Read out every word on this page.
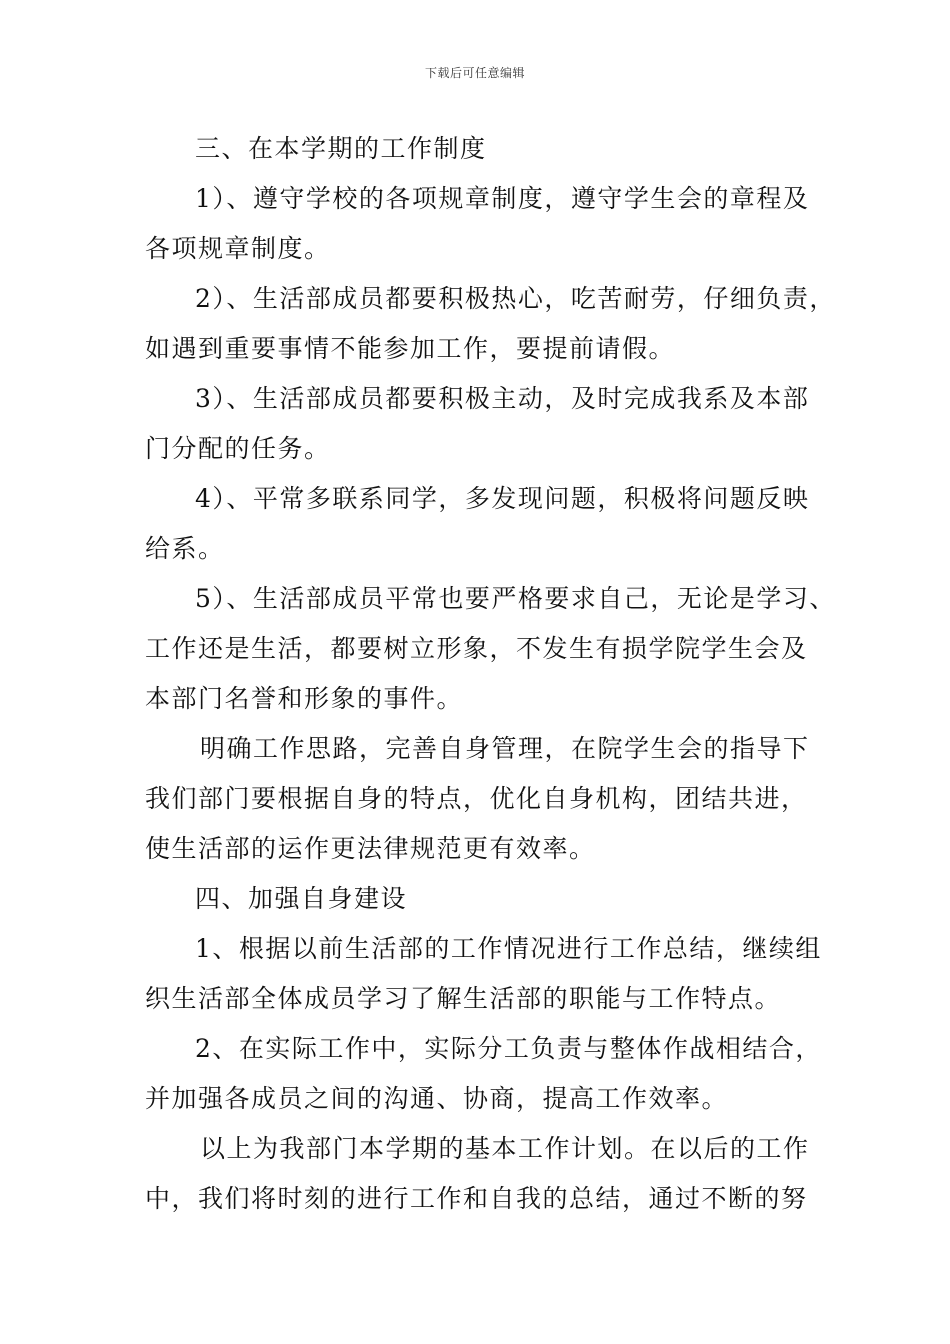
下载后可任意编辑

三、在本学期的工作制度

1）、遵守学校的各项规章制度，遵守学生会的章程及

各项规章制度。

2）、生活部成员都要积极热心，吃苦耐劳，仔细负责，

如遇到重要事情不能参加工作，要提前请假。

3）、生活部成员都要积极主动，及时完成我系及本部

门分配的任务。

4）、平常多联系同学，多发现问题，积极将问题反映

给系。

5）、生活部成员平常也要严格要求自己，无论是学习、

工作还是生活，都要树立形象，不发生有损学院学生会及

本部门名誉和形象的事件。

明确工作思路，完善自身管理，在院学生会的指导下

我们部门要根据自身的特点，优化自身机构，团结共进，

使生活部的运作更法律规范更有效率。

四、加强自身建设

1、根据以前生活部的工作情况进行工作总结，继续组

织生活部全体成员学习了解生活部的职能与工作特点。

2、在实际工作中，实际分工负责与整体作战相结合，

并加强各成员之间的沟通、协商，提高工作效率。

以上为我部门本学期的基本工作计划。在以后的工作

中，我们将时刻的进行工作和自我的总结，通过不断的努
